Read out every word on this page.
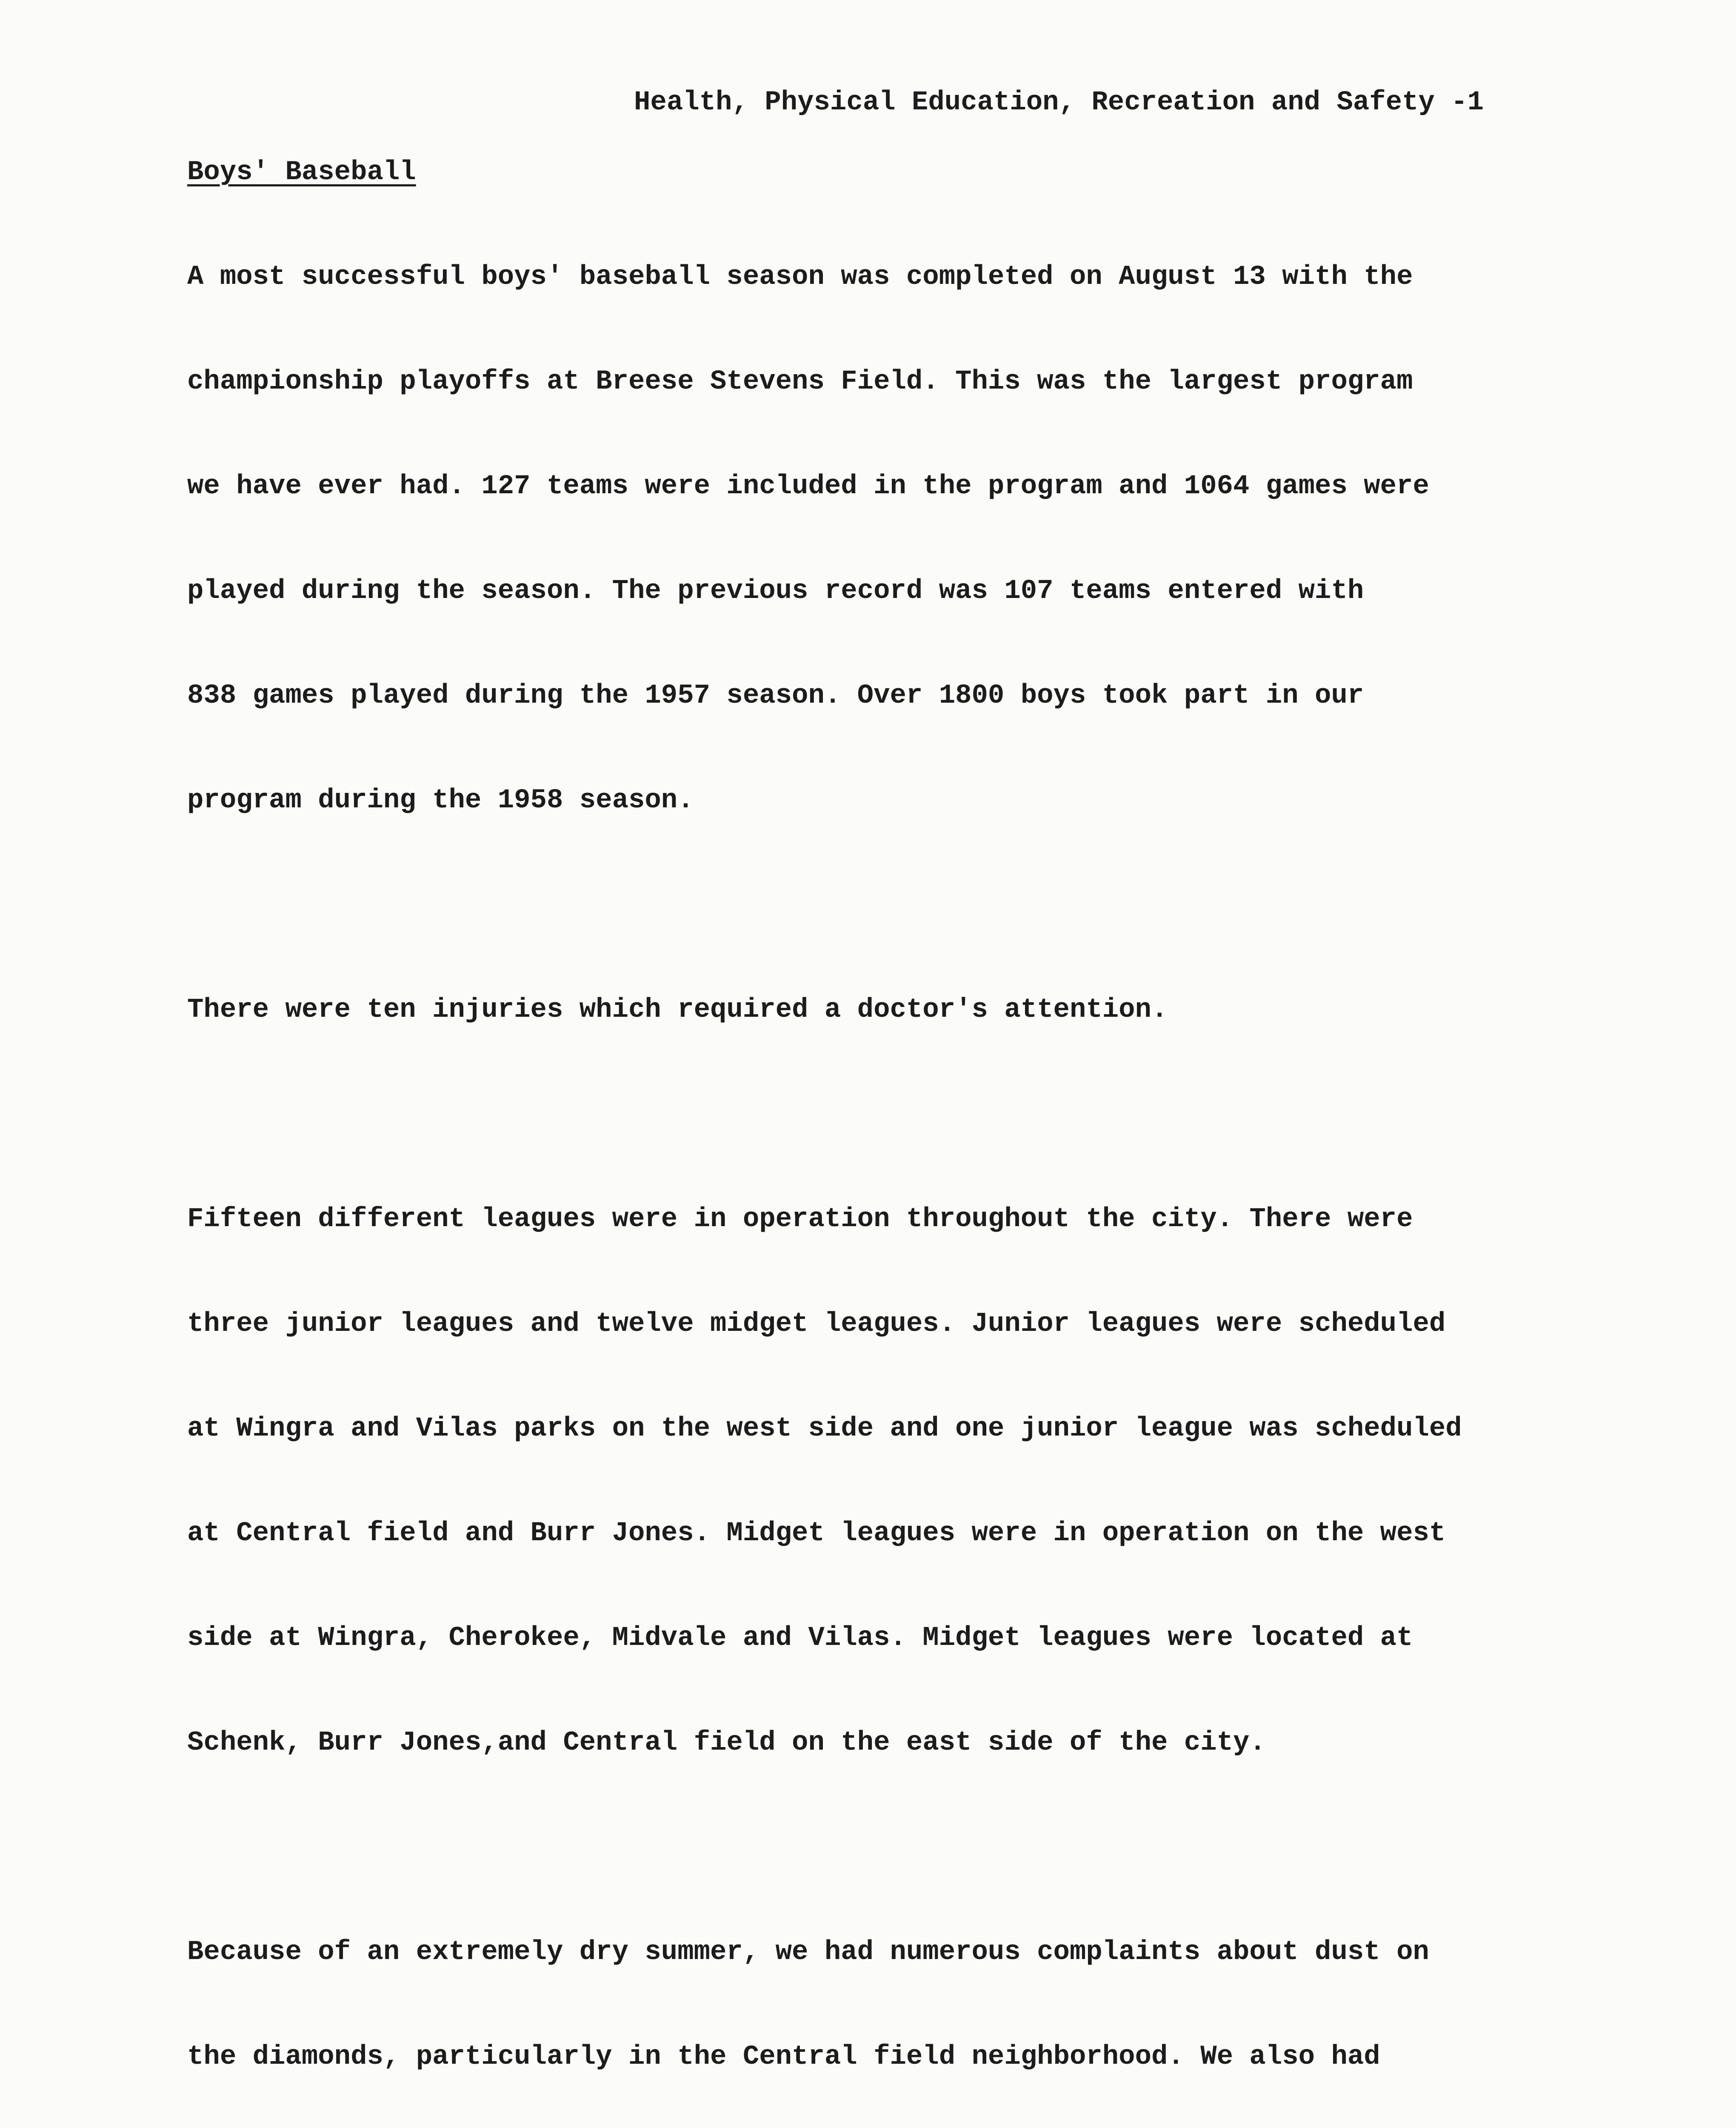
Health, Physical Education, Recreation and Safety -1
Boys' Baseball

A most successful boys' baseball season was completed on August 13 with the

championship playoffs at Breese Stevens Field. This was the largest program

we have ever had. 127 teams were included in the program and 1064 games were

played during the season. The previous record was 107 teams entered with

838 games played during the 1957 season. Over 1800 boys took part in our

program during the 1958 season.

There were ten injuries which required a doctor's attention.

Fifteen different leagues were in operation throughout the city. There were

three junior leagues and twelve midget leagues. Junior leagues were scheduled

at Wingra and Vilas parks on the west side and one junior league was scheduled

at Central field and Burr Jones. Midget leagues were in operation on the west

side at Wingra, Cherokee, Midvale and Vilas. Midget leagues were located at

Schenk, Burr Jones,and Central field on the east side of the city.

Because of an extremely dry summer, we had numerous complaints about dust on

the diamonds, particularly in the Central field neighborhood. We also had
